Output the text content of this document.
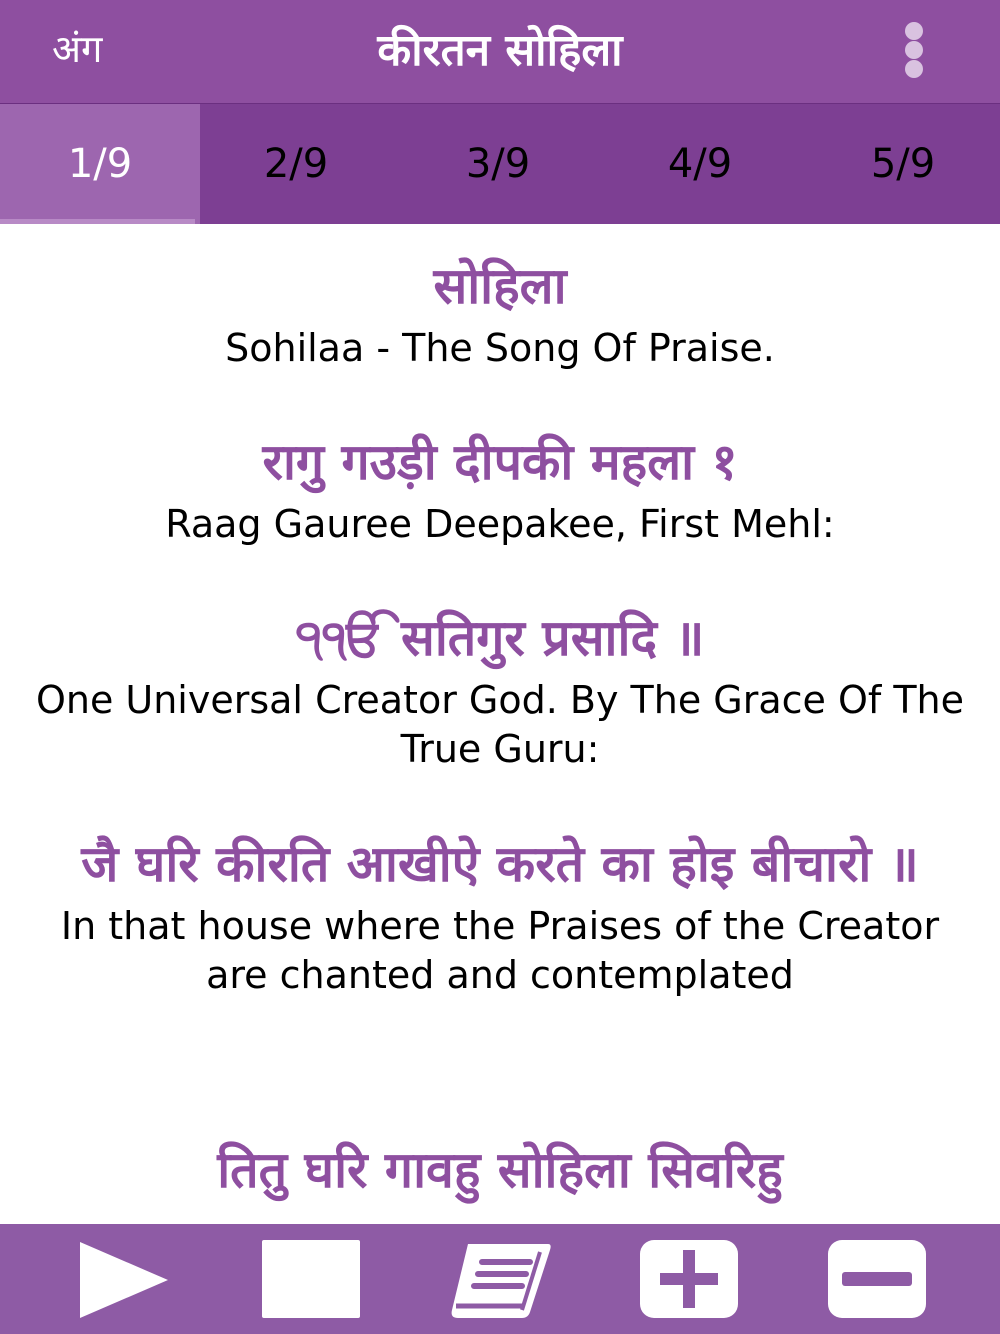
अंग	कीरतन सोहिला
1/9	2/9	3/9	4/9	5/9
सोहिला
Sohilaa - The Song Of Praise.
रागु गउड़ी दीपकी महला १
Raag Gauree Deepakee, First Mehl:
੧ੴ सतिगुर प्रसादि ॥
One Universal Creator God. By The Grace Of The True Guru:
जै घरि कीरति आखीऐ करते का होइ बीचारो ॥
In that house where the Praises of the Creator are chanted and contemplated
तितु घरि गावहु सोहिला सिवरिहु
